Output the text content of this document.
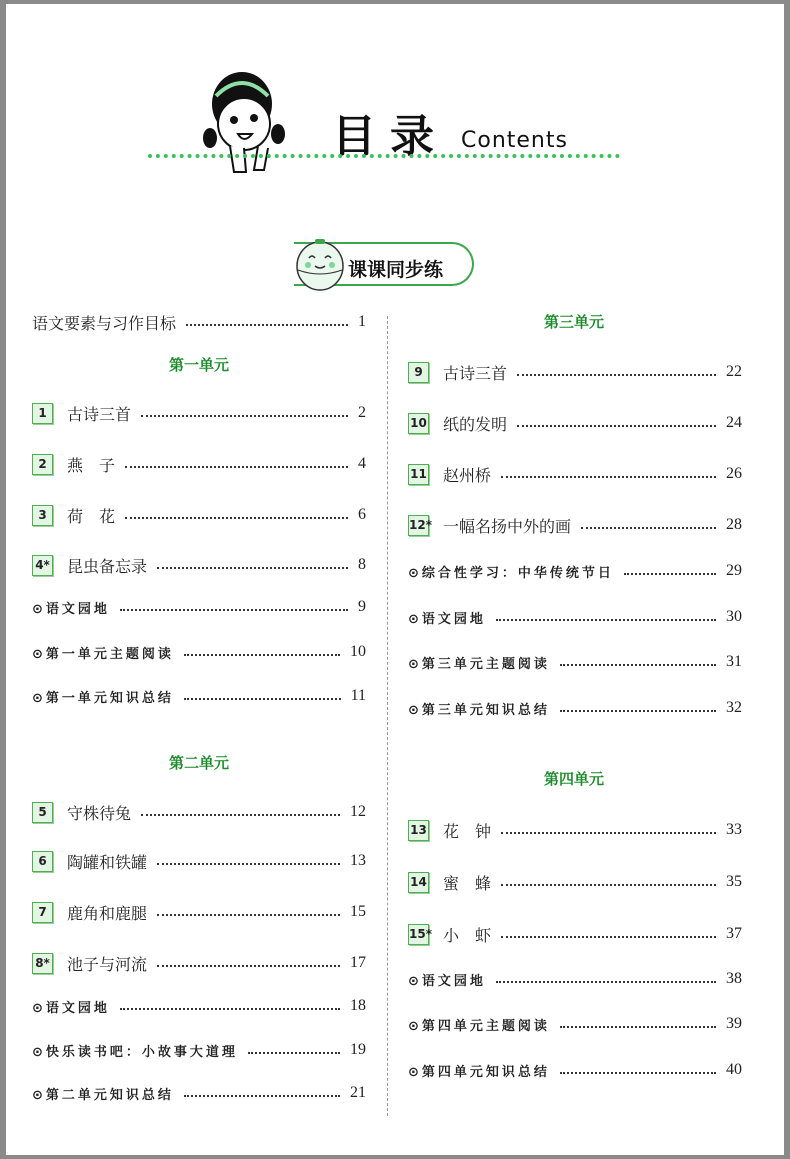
目录 Contents
课课同步练
语文要素与习作目标	1
第一单元
1	古诗三首	2
2	燕　子	4
3	荷　花	6
4* 昆虫备忘录	8
⊙语文园地	9
⊙第一单元主题阅读	10
⊙第一单元知识总结	11
第二单元
5	守株待兔	12
6	陶罐和铁罐	13
7	鹿角和鹿腿	15
8* 池子与河流	17
⊙语文园地	18
⊙快乐读书吧：小故事大道理	19
⊙第二单元知识总结	21
第三单元
9	古诗三首	22
10 纸的发明	24
11 赵州桥	26
12* 一幅名扬中外的画	28
⊙综合性学习：中华传统节日	29
⊙语文园地	30
⊙第三单元主题阅读	31
⊙第三单元知识总结	32
第四单元
13 花　钟	33
14 蜜　蜂	35
15* 小　虾	37
⊙语文园地	38
⊙第四单元主题阅读	39
⊙第四单元知识总结	40
